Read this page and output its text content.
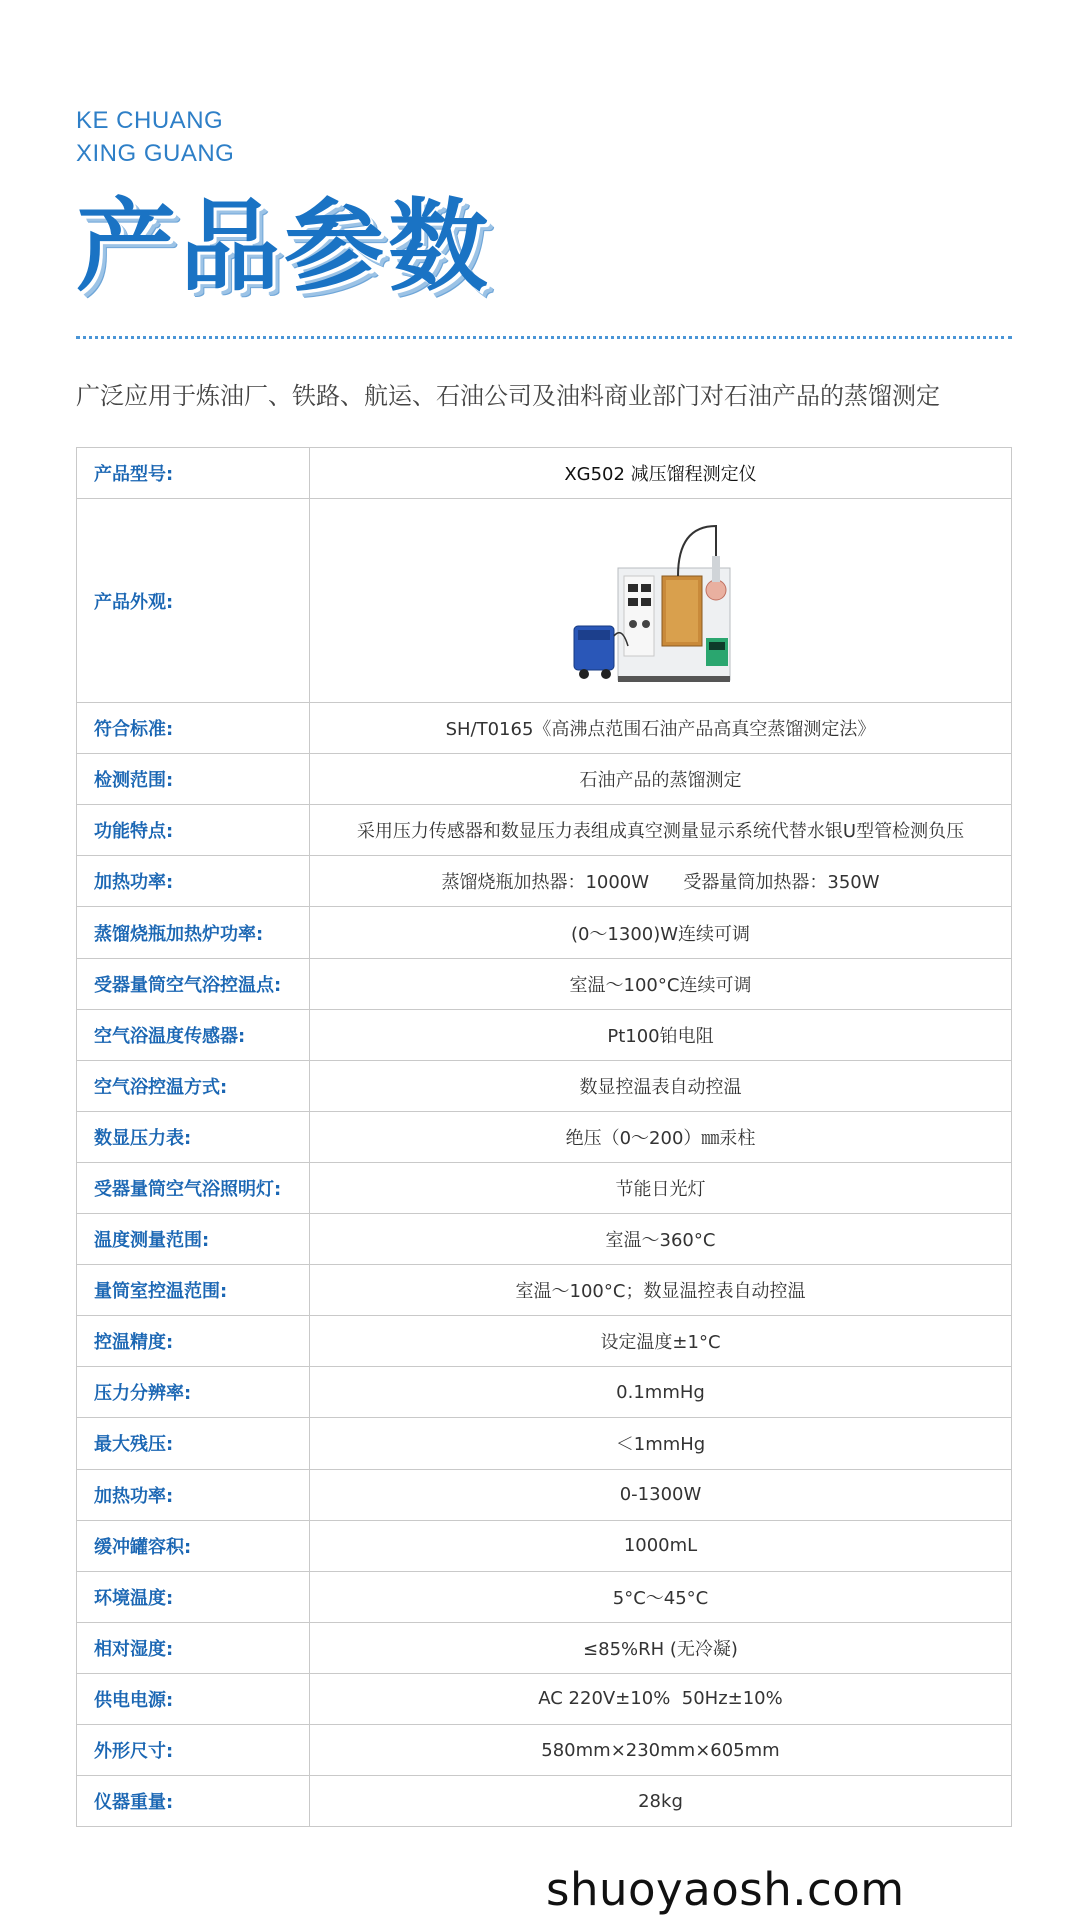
KE CHUANG
XING GUANG
产品参数
广泛应用于炼油厂、铁路、航运、石油公司及油料商业部门对石油产品的蒸馏测定
产品型号:	XG502 减压馏程测定仪
产品外观:	

符合标准:	SH/T0165《高沸点范围石油产品高真空蒸馏测定法》
检测范围:	石油产品的蒸馏测定
功能特点:	采用压力传感器和数显压力表组成真空测量显示系统代替水银U型管检测负压
加热功率:	蒸馏烧瓶加热器：1000W      受器量筒加热器：350W
蒸馏烧瓶加热炉功率:	(0～1300)W连续可调
受器量筒空气浴控温点:	室温～100°C连续可调
空气浴温度传感器:	Pt100铂电阻
空气浴控温方式:	数显控温表自动控温
数显压力表:	绝压（0～200）㎜汞柱
受器量筒空气浴照明灯:	节能日光灯
温度测量范围:	室温～360°C
量筒室控温范围:	室温～100°C；数显温控表自动控温
控温精度:	设定温度±1°C
压力分辨率:	0.1mmHg
最大残压:	＜1mmHg
加热功率:	0-1300W
缓冲罐容积:	1000mL
环境温度:	5°C～45°C
相对湿度:	≤85%RH (无冷凝)
供电电源:	AC 220V±10%  50Hz±10%
外形尺寸:	580mm×230mm×605mm
仪器重量:	28kg
shuoyaosh.com
